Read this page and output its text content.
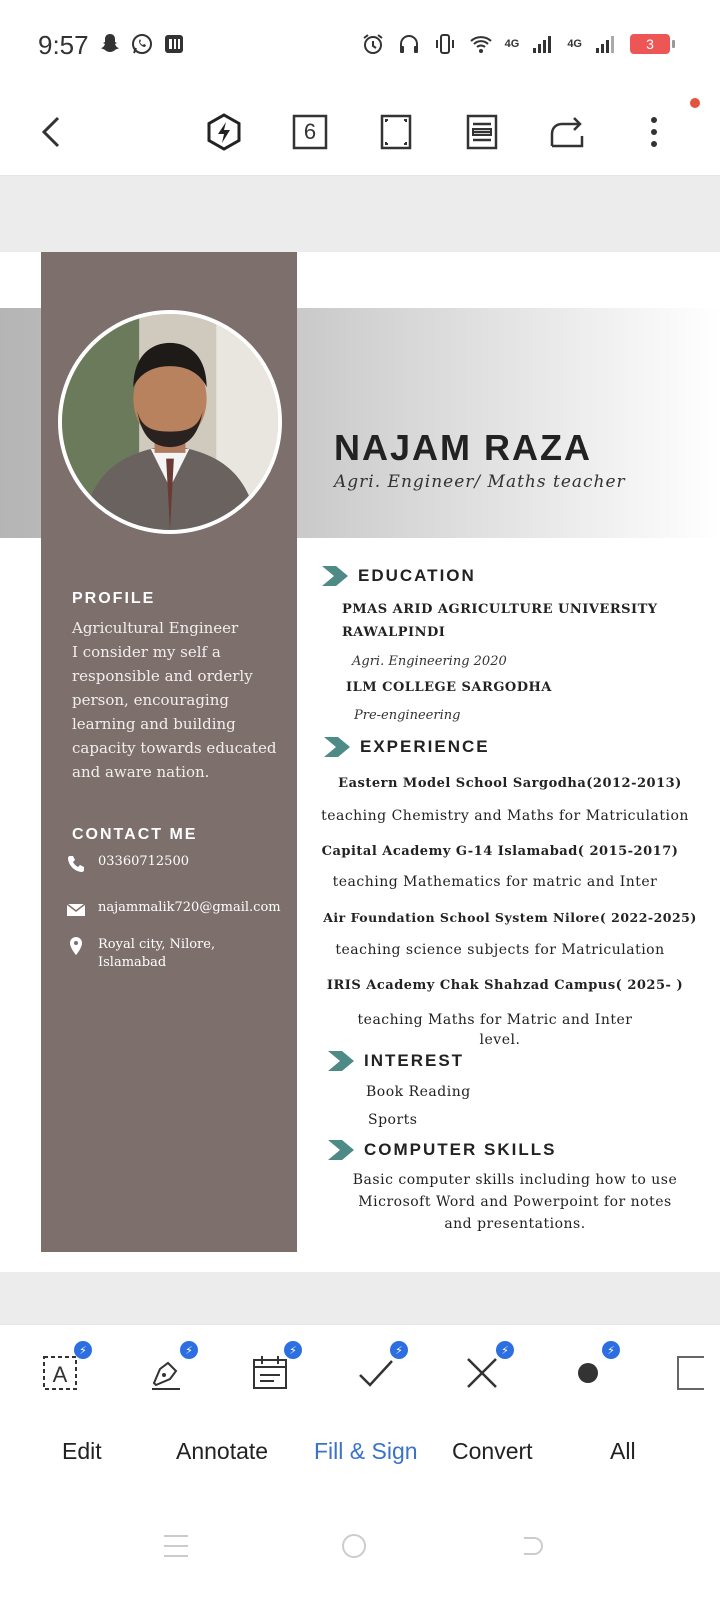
9:57	4G	4G	3
6
NAJAM RAZA
Agri. Engineer/ Maths teacher
PROFILE
Agricultural Engineer
I consider my self a responsible and orderly person, encouraging learning and building capacity towards educated and aware nation.
CONTACT ME
03360712500
najammalik720@gmail.com
Royal city, Nilore,
Islamabad
EDUCATION
PMAS ARID AGRICULTURE UNIVERSITY
RAWALPINDI
Agri. Engineering 2020
ILM COLLEGE SARGODHA
Pre-engineering
EXPERIENCE
Eastern Model School Sargodha(2012-2013)
teaching Chemistry and Maths for Matriculation
Capital Academy G-14 Islamabad( 2015-2017)
teaching Mathematics for matric and Inter
Air Foundation School System Nilore( 2022-2025)
teaching science subjects for Matriculation
IRIS Academy Chak Shahzad Campus( 2025- )
teaching Maths for Matric and Inter
level.
INTEREST
Book Reading
Sports
COMPUTER SKILLS
Basic computer skills including how to use
Microsoft Word and Powerpoint for notes
and presentations.
A
⚡	⚡	⚡	⚡	⚡	⚡
Edit	Annotate Fill & Sign Convert	All
